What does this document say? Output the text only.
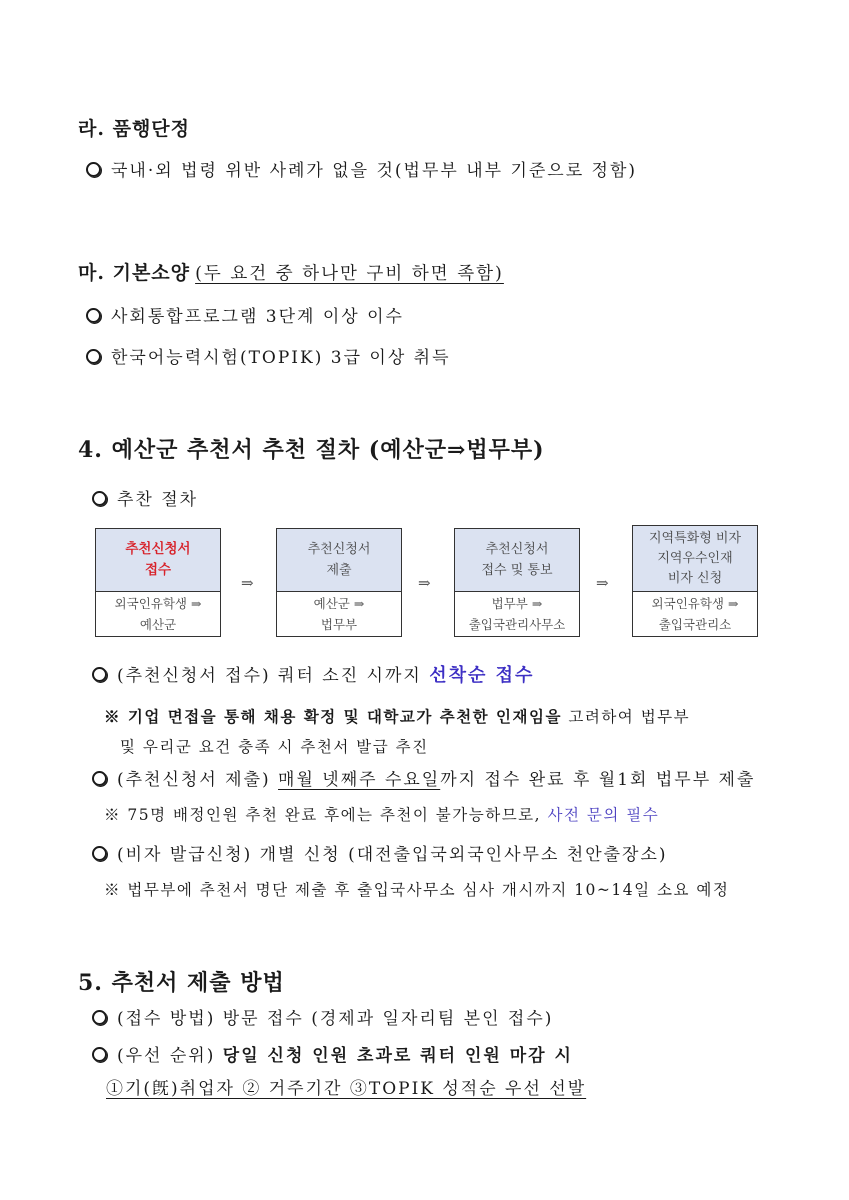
라. 품행단정
국내·외 법령 위반 사례가 없을 것(법무부 내부 기준으로 정함)
마. 기본소양 (두 요건 중 하나만 구비 하면 족함)
사회통합프로그램 3단계 이상 이수
한국어능력시험(TOPIK) 3급 이상 취득
4. 예산군 추천서 추천 절차 (예산군⇒법무부)
추찬 절차
추천신청서
접수
외국인유학생 ⇒
예산군
⇒
추천신청서
제출
예산군 ⇒
법무부
⇒
추천신청서
접수 및 통보
법무부 ⇒
출입국관리사무소
⇒
지역특화형 비자
지역우수인재
비자 신청
외국인유학생 ⇒
출입국관리소
(추천신청서 접수) 쿼터 소진 시까지 선착순 접수
※ 기업 면접을 통해 채용 확정 및 대학교가 추천한 인재임을 고려하여 법무부
및 우리군 요건 충족 시 추천서 발급 추진
(추천신청서 제출) 매월 넷째주 수요일까지 접수 완료 후 월1회 법무부 제출
※ 75명 배정인원 추천 완료 후에는 추천이 불가능하므로, 사전 문의 필수
(비자 발급신청) 개별 신청 (대전출입국외국인사무소 천안출장소)
※ 법무부에 추천서 명단 제출 후 출입국사무소 심사 개시까지 10~14일 소요 예정
5. 추천서 제출 방법
(접수 방법) 방문 접수 (경제과 일자리팀 본인 접수)
(우선 순위) 당일 신청 인원 초과로 쿼터 인원 마감 시
①기(旣)취업자 ② 거주기간 ③TOPIK 성적순 우선 선발
